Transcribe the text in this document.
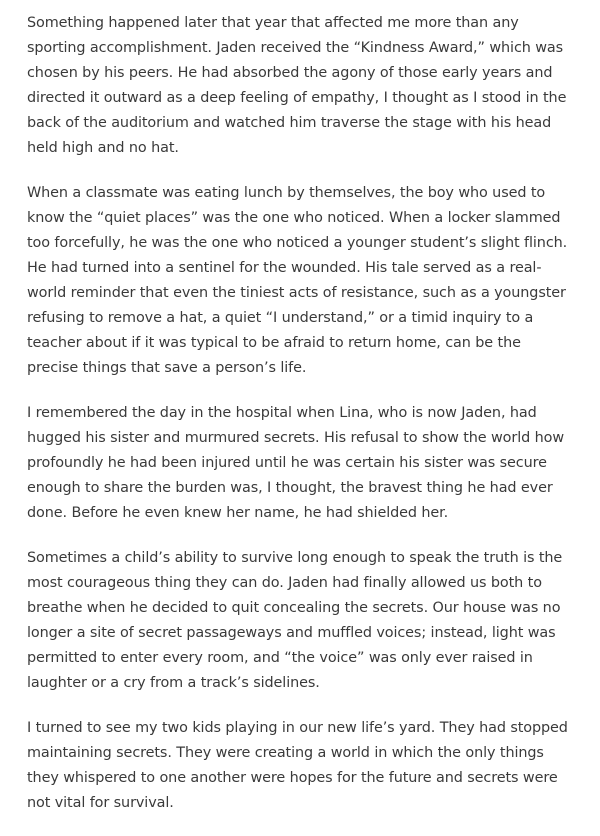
Something happened later that year that affected me more than any sporting accomplishment. Jaden received the “Kindness Award,” which was chosen by his peers. He had absorbed the agony of those early years and directed it outward as a deep feeling of empathy, I thought as I stood in the back of the auditorium and watched him traverse the stage with his head held high and no hat.

When a classmate was eating lunch by themselves, the boy who used to know the “quiet places” was the one who noticed. When a locker slammed too forcefully, he was the one who noticed a younger student’s slight flinch. He had turned into a sentinel for the wounded. His tale served as a real-world reminder that even the tiniest acts of resistance, such as a youngster refusing to remove a hat, a quiet “I understand,” or a timid inquiry to a teacher about if it was typical to be afraid to return home, can be the precise things that save a person’s life.

I remembered the day in the hospital when Lina, who is now Jaden, had hugged his sister and murmured secrets. His refusal to show the world how profoundly he had been injured until he was certain his sister was secure enough to share the burden was, I thought, the bravest thing he had ever done. Before he even knew her name, he had shielded her.

Sometimes a child’s ability to survive long enough to speak the truth is the most courageous thing they can do. Jaden had finally allowed us both to breathe when he decided to quit concealing the secrets. Our house was no longer a site of secret passageways and muffled voices; instead, light was permitted to enter every room, and “the voice” was only ever raised in laughter or a cry from a track’s sidelines.

I turned to see my two kids playing in our new life’s yard. They had stopped maintaining secrets. They were creating a world in which the only things they whispered to one another were hopes for the future and secrets were not vital for survival.
